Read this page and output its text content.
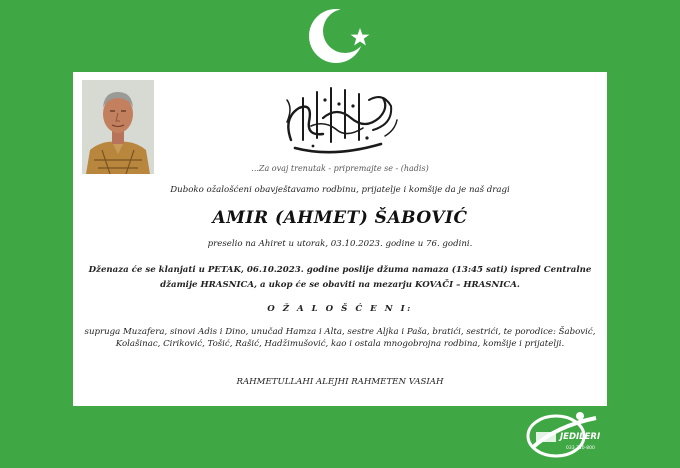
...Za ovaj trenutak - pripremajte se - (hadis)
Duboko ožalošćeni obavještavamo rodbinu, prijatelje i komšije da je naš dragi
AMIR (AHMET) ŠABOVIĆ
preselio na Ahiret u utorak, 03.10.2023. godine u 76. godini.
Dženaza će se klanjati u PETAK, 06.10.2023. godine poslije džuma namaza (13:45 sati) ispred Centralne
džamije HRASNICA, a ukop će se obaviti na mezarju KOVAČI – HRASNICA.
O Ž A L O Š Ć E N I:
supruga Muzafera, sinovi Adis i Dino, unučad Hamza i Alta, sestre Aljka i Paša, bratići, sestrići, te porodice: Šabović, Kolašinac, Ciriković, Tošić, Rašić, Hadžimušović, kao i ostala mnogobrojna rodbina, komšije i prijatelji.
RAHMETULLAHI ALEJHI RAHMETEN VASIAH
JEDILERI
033 710-800
